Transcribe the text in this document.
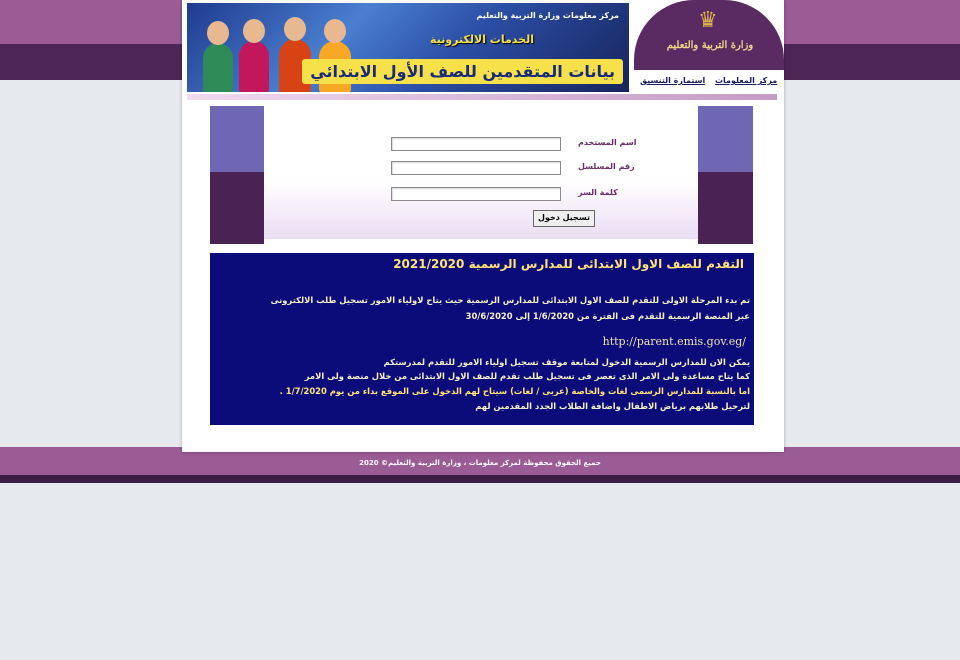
مركز معلومات وزارة التربية والتعليم
الخدمات الالكترونية
بيانات المتقدمين للصف الأول الابتدائي
♛
وزارة التربية والتعليم
مركز المعلومات
استمارة التنسيق
اسم المستخدم
رقم المسلسل
كلمة السر
تسجيل دخول
التقدم للصف الاول الابتدائى للمدارس الرسمية 2021/2020
تم بدء المرحلة الاولى للتقدم للصف الاول الابتدائى للمدارس الرسمية حيث يتاح لاولياء الامور تسجيل طلب الالكترونى
عبر المنصة الرسمية للتقدم فى الفترة من 1/6/2020 إلى 30/6/2020
http://parent.emis.gov.eg/
يمكن الان للمدارس الرسمية الدخول لمتابعة موقف تسجيل اولياء الامور للتقدم لمدرستكم
كما يتاح مساعدة ولى الامر الذى تعصر فى تسجيل طلب تقدم للصف الاول الابتدائى من خلال منصة ولى الامر
اما بالنسبة للمدارس الرسمى لغات والخاصة (عربى / لغات) سيتاح لهم الدخول على الموقع بداء من يوم 1/7/2020 .
لترحيل طلابهم برياض الاطفال واضافة الطلاب الجدد المقدمين لهم
جميع الحقوق محفوظة لمركز معلومات ، وزارة التربية والتعليم© 2020
